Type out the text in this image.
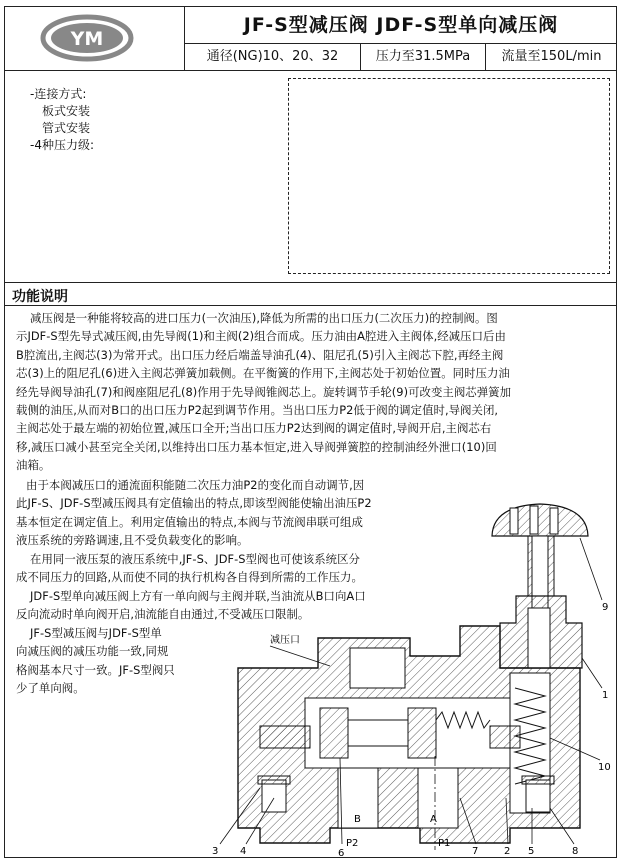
YM
JF-S型减压阀 JDF-S型单向减压阀
通径(NG)10、20、32	压力至31.5MPa	流量至150L/min
-连接方式:
板式安装
管式安装
-4种压力级:
功能说明
减压阀是一种能将较高的进口压力(一次油压),降低为所需的出口压力(二次压力)的控制阀。图
示JDF-S型先导式减压阀,由先导阀(1)和主阀(2)组合而成。压力油由A腔进入主阀体,经减压口后由
B腔流出,主阀芯(3)为常开式。出口压力经后端盖导油孔(4)、阻尼孔(5)引入主阀芯下腔,再经主阀
芯(3)上的阻尼孔(6)进入主阀芯弹簧加载侧。在平衡簧的作用下,主阀芯处于初始位置。同时压力油
经先导阀导油孔(7)和阀座阻尼孔(8)作用于先导阀锥阀芯上。旋转调节手轮(9)可改变主阀芯弹簧加
载侧的油压,从而对B口的出口压力P2起到调节作用。当出口压力P2低于阀的调定值时,导阀关闭,
主阀芯处于最左端的初始位置,减压口全开;当出口压力P2达到阀的调定值时,导阀开启,主阀芯右
移,减压口减小甚至完全关闭,以维持出口压力基本恒定,进入导阀弹簧腔的控制油经外泄口(10)回
油箱。
由于本阀减压口的通流面积能随二次压力油P2的变化而自动调节,因
此JF-S、JDF-S型减压阀具有定值输出的特点,即该型阀能使输出油压P2
基本恒定在调定值上。利用定值输出的特点,本阀与节流阀串联可组成
液压系统的旁路调速,且不受负载变化的影响。
在用同一液压泵的液压系统中,JF-S、JDF-S型阀也可使该系统区分
成不同压力的回路,从而使不同的执行机构各自得到所需的工作压力。
JDF-S型单向减压阀上方有一单向阀与主阀并联,当油流从B口向A口
反向流动时单向阀开启,油流能自由通过,不受减压口限制。
JF-S型减压阀与JDF-S型单
向减压阀的减压功能一致,同规
格阀基本尺寸一致。JF-S型阀只
少了单向阀。
减压口
B	A
P2	P1
9
1
10
3 4	6	7	2 5	8
